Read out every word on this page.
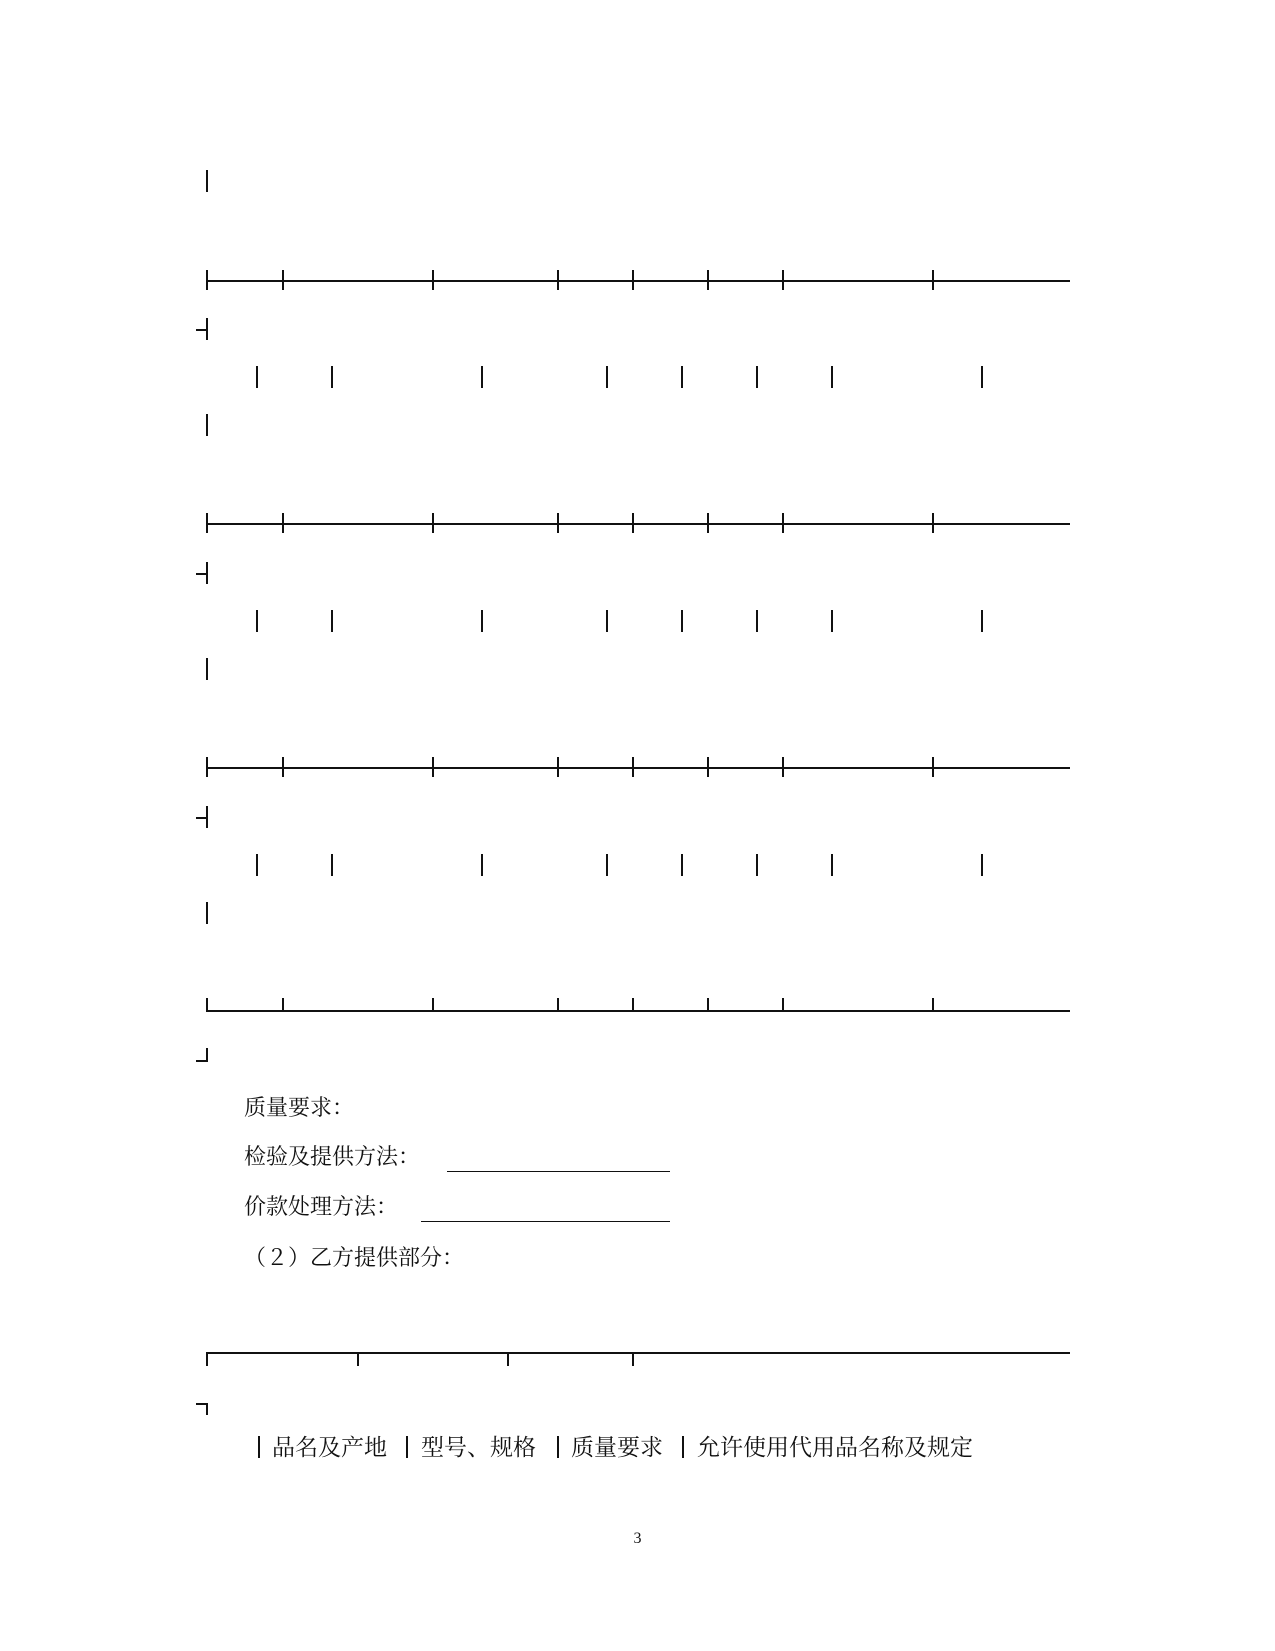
质量要求：
检验及提供方法：
价款处理方法：
（２）乙方提供部分：
品名及产地 型号、规格 质量要求 允许使用代用品名称及规定
3
